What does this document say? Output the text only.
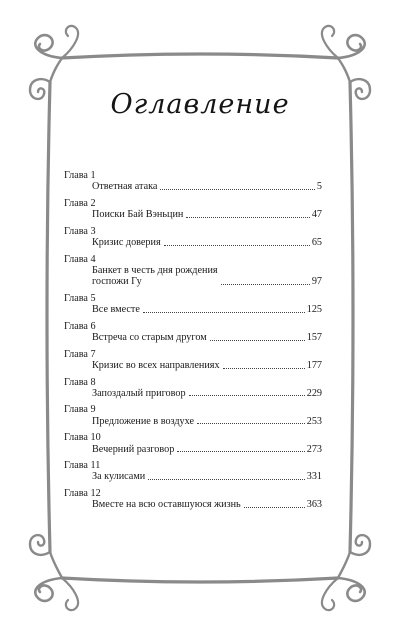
Оглавление
Глава 1
Ответная атака	5
Глава 2
Поиски Бай Вэньцин	47
Глава 3
Кризис доверия	65
Глава 4
Банкет в честь дня рождения
госпожи Гу	97
Глава 5
Все вместе	125
Глава 6
Встреча со старым другом	157
Глава 7
Кризис во всех направлениях	177
Глава 8
Запоздалый приговор	229
Глава 9
Предложение в воздухе	253
Глава 10
Вечерний разговор	273
Глава 11
За кулисами	331
Глава 12
Вместе на всю оставшуюся жизнь	363
